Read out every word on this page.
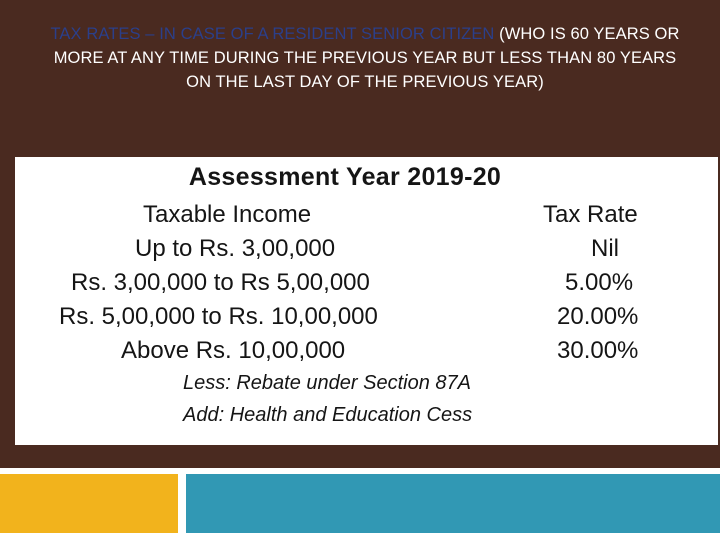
TAX RATES – IN CASE OF A RESIDENT SENIOR CITIZEN (WHO IS 60 YEARS OR MORE AT ANY TIME DURING THE PREVIOUS YEAR BUT LESS THAN 80 YEARS ON THE LAST DAY OF THE PREVIOUS YEAR)
Assessment Year 2019-20
Taxable Income	Tax Rate
Up to Rs. 3,00,000	Nil
Rs. 3,00,000 to Rs 5,00,000	5.00%
Rs. 5,00,000 to Rs. 10,00,000	20.00%
Above Rs. 10,00,000	30.00%
Less: Rebate under Section 87A
Add: Health and Education Cess
